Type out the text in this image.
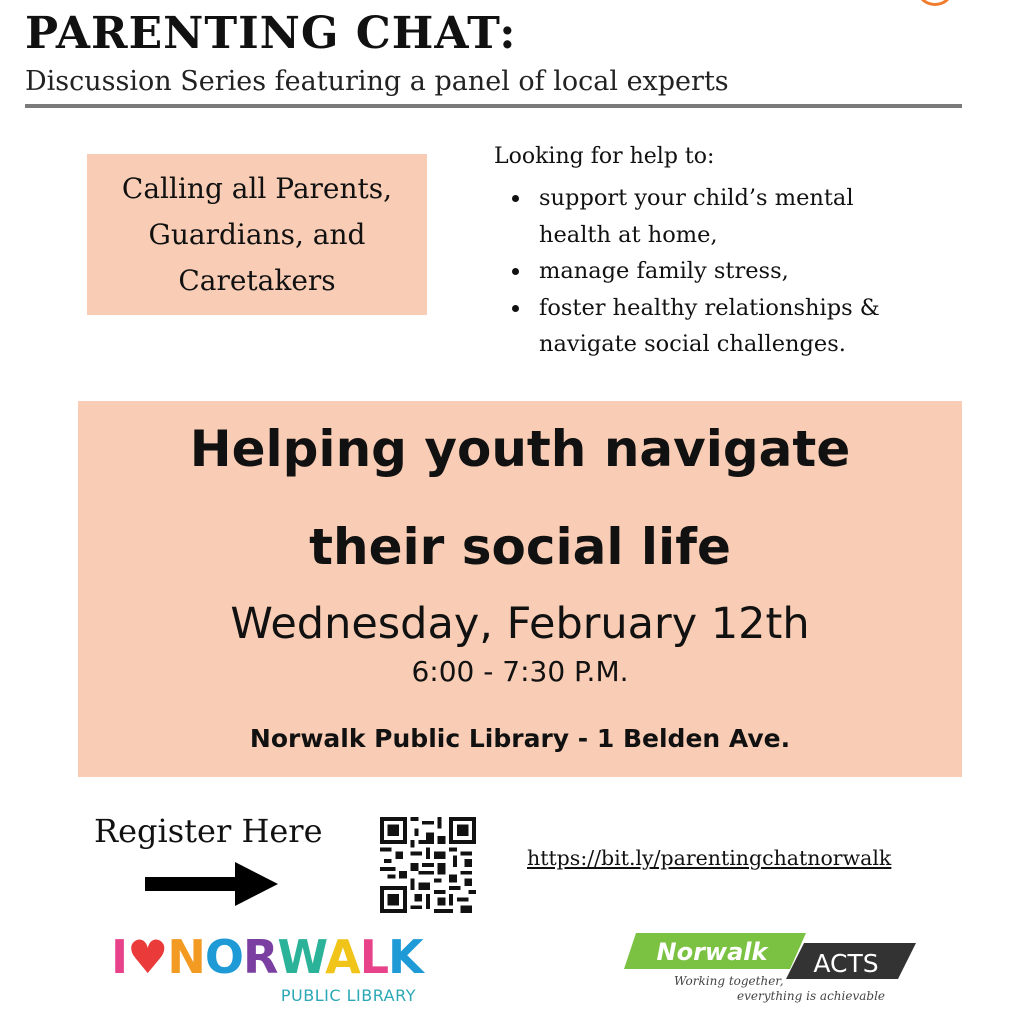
PARENTING CHAT:
Discussion Series featuring a panel of local experts
Calling all Parents,
Guardians, and
Caretakers
Looking for help to:
support your child’s mental
health at home,
manage family stress,
foster healthy relationships &
navigate social challenges.
Helping youth navigate
their social life
Wednesday, February 12th
6:00 - 7:30 P.M.
Norwalk Public Library - 1 Belden Ave.
Register Here
https://bit.ly/parentingchatnorwalk
I♥NORWALK
PUBLIC LIBRARY
Norwalk ACTS
Working together,
everything is achievable
